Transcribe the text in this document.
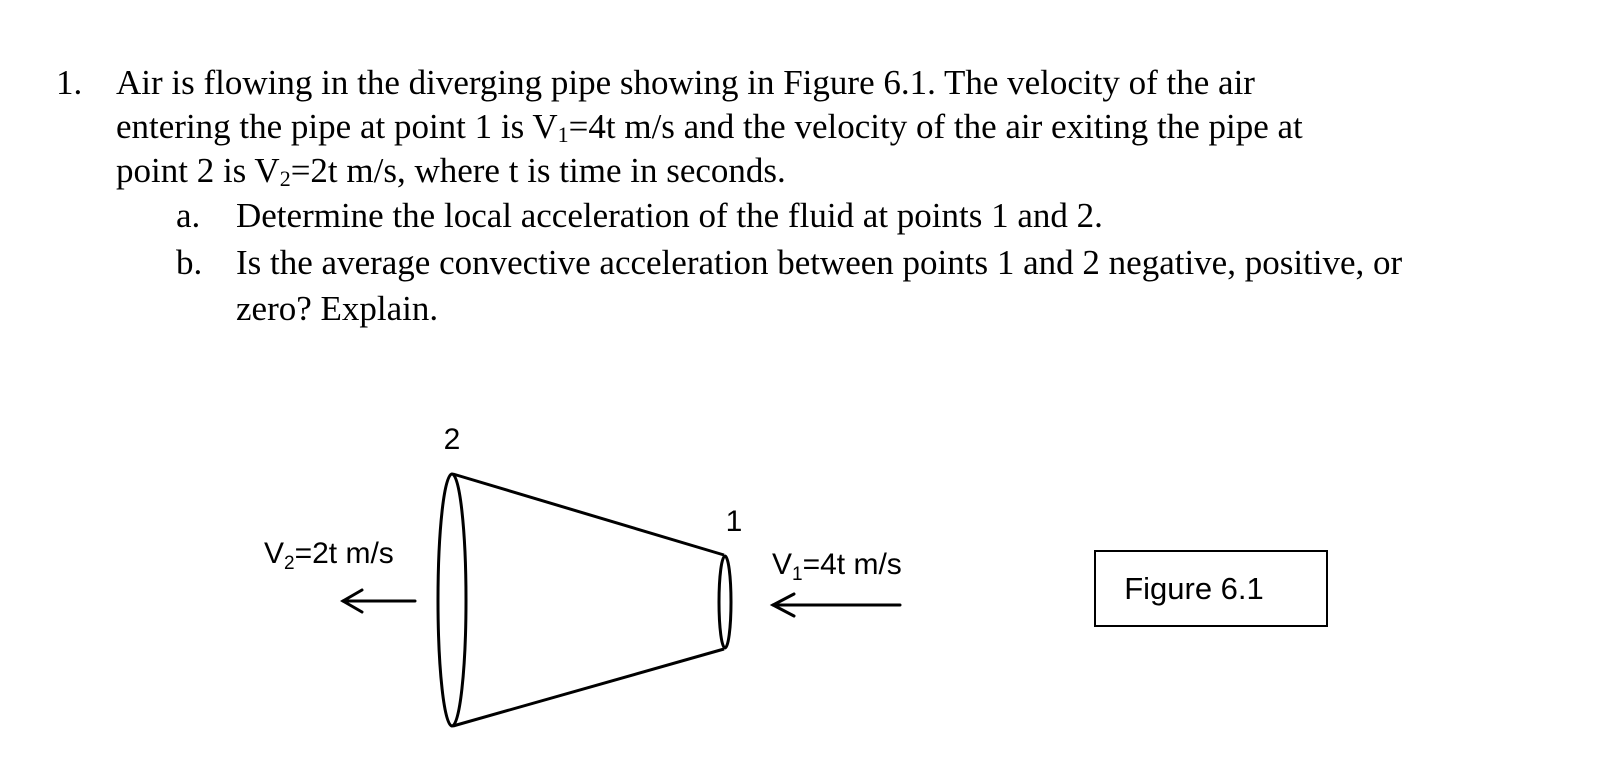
1. Air is flowing in the diverging pipe showing in Figure 6.1. The velocity of the air
entering the pipe at point 1 is $V_1=4t$ m/s and the velocity of the air exiting the pipe at
point 2 is $V_2=2t$ m/s, where t is time in seconds.
a. Determine the local acceleration of the fluid at points 1 and 2.
b. Is the average convective acceleration between points 1 and 2 negative, positive, or
zero? Explain.
2
1
$V_2=2t$ m/s	$V_1=4t$ m/s
Figure 6.1
